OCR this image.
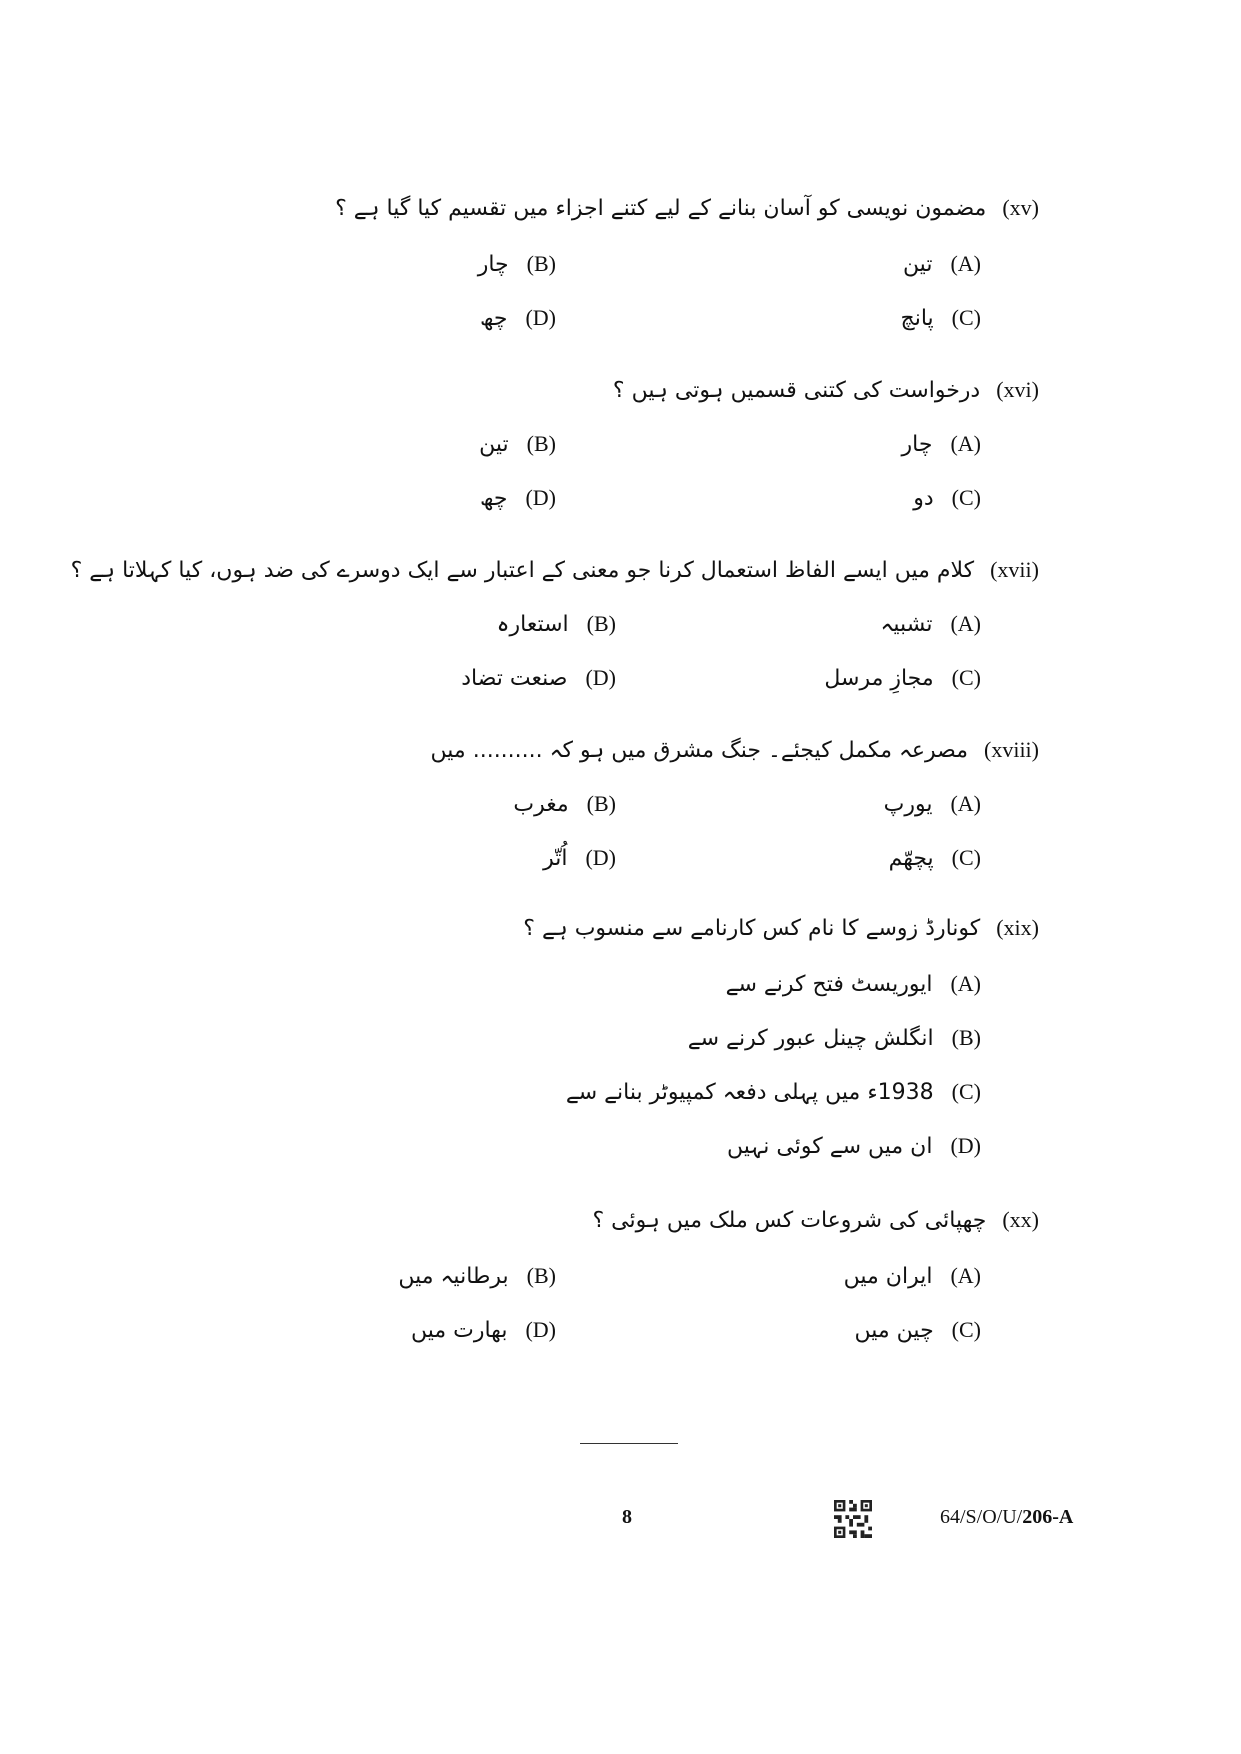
(xv)
مضمون نویسی کو آسان بنانے کے لیے کتنے اجزاء میں تقسیم کیا گیا ہے ؟
(A)
تین
(B)
چار
(C)
پانچ
(D)
چھ
(xvi)
درخواست کی کتنی قسمیں ہوتی ہیں ؟
(A)
چار
(B)
تین
(C)
دو
(D)
چھ
(xvii)
کلام میں ایسے الفاظ استعمال کرنا جو معنی کے اعتبار سے ایک دوسرے کی ضد ہوں، کیا کہلاتا ہے ؟
(A)
تشبیہ
(B)
استعارہ
(C)
مجازِ مرسل
(D)
صنعت تضاد
(xviii)
مصرعہ مکمل کیجئے۔ جنگ مشرق میں ہو کہ .......... میں
(A)
یورپ
(B)
مغرب
(C)
پچھّم
(D)
اُتّر
(xix)
کونارڈ زوسے کا نام کس کارنامے سے منسوب ہے ؟
(A)
ایوریسٹ فتح کرنے سے
(B)
انگلش چینل عبور کرنے سے
(C)
1938ء میں پہلی دفعہ کمپیوٹر بنانے سے
(D)
ان میں سے کوئی نہیں
(xx)
چھپائی کی شروعات کس ملک میں ہوئی ؟
(A)
ایران میں
(B)
برطانیہ میں
(C)
چین میں
(D)
بھارت میں
8	64/S/O/U/206-A
